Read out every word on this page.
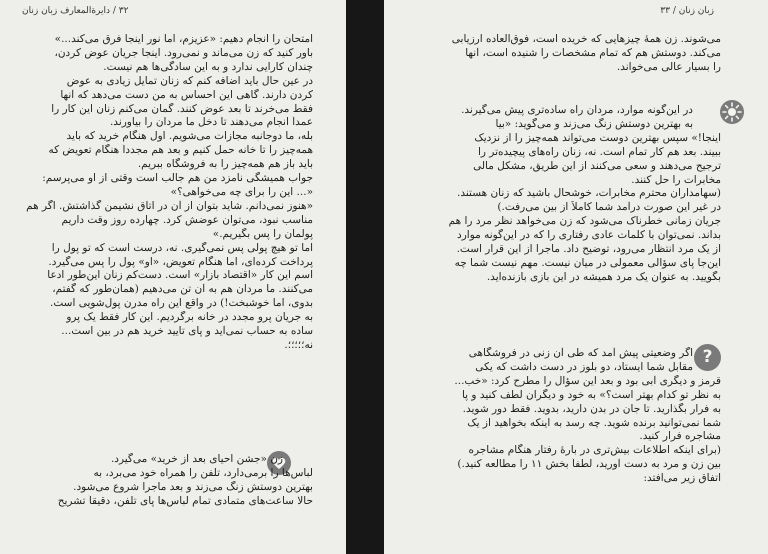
۳۲ / دایرةالمعارف زبان زنان

امتحان را انجام دهیم: «عزیزم، اما نور اینجا فرق می‌کند...»

باور کنید که زن می‌ماند و نمی‌رود. اینجا جریان عوض کردن،

چندان کارایی ندارد و به این سادگی‌ها هم نیست.

در عین حال باید اضافه کنم که زنان تمایل زیادی به عوض

کردن دارند. گاهی این احساس به من دست می‌دهد که آنها

فقط می‌خرند تا بعد عوض کنند. گمان می‌کنم زنان این کار را

عمداً انجام می‌دهند تا دخل ما مردان را بیاورند.

بله، ما دوجانبه مجازات می‌شویم. اول هنگام خرید که باید

همه‌چیز را تا خانه حمل کنیم و بعد هم مجدداً هنگام تعویض که

باید باز هم همه‌چیز را به فروشگاه ببریم.

جواب همیشگی نامزد من هم جالب است وقتی از او می‌پرسم:

«... این را برای چه می‌خواهی؟»

«هنوز نمی‌دانم. شاید بتوان از آن در اتاق نشیمن گذاشتش. اگر هم

مناسب نبود، می‌توان عوضش کرد. چهارده روز وقت داریم

پولمان را پس بگیریم.»

اما تو هیچ پولی پس نمی‌گیری. نه، درست است که تو پول را

پرداخت کرده‌ای، اما هنگام تعویض، «او» پول را پس می‌گیرد.

اسم این کار «اقتصاد بازار» است. دست‌کم زنان این‌طور ادعا

می‌کنند. ما مردان هم به آن تن می‌دهیم (همان‌طور که گفتم،

بدوی، اما خوشبخت!) در واقع این راه مدرن پول‌شویی است.

به جریان پرو مجدد در خانه برگردیم. این کار فقط یک پرو

ساده به حساب نمی‌آید و پای تأیید خرید هم در بین است...

نه؛؛؛؛؛.

زن «جشن احیای بعد از خرید» می‌گیرد.

لباس‌ها را برمی‌دارد، تلفن را همراه خود می‌برد، به

بهترین دوستش زنگ می‌زند و بعد ماجرا شروع می‌شود.

حالا ساعت‌های متمادی تمام لباس‌ها پای تلفن، دقیقاً تشریح

زبان زنان / ۳۳

می‌شوند. زن همهٔ چیزهایی که خریده است، فوق‌العاده ارزیابی

می‌کند. دوستش هم که تمام مشخصات را شنیده است، آنها

را بسیار عالی می‌خواند.

در این‌گونه موارد، مردان راه ساده‌تری پیش می‌گیرند.

به بهترین دوستش زنگ می‌زند و می‌گوید: «بیا

اینجا!» سپس بهترین دوست می‌تواند همه‌چیز را از نزدیک

ببیند. بعد هم کار تمام است. نه، زنان راه‌های پیچیده‌تر را

ترجیح می‌دهند و سعی می‌کنند از این طریق، مشکل مالی

مخابرات را حل کنند.

(سهامداران محترم مخابرات، خوشحال باشید که زنان هستند.

در غیر این صورت درآمد شما کاملاً از بین می‌رفت.)

جریان زمانی خطرناک می‌شود که زن می‌خواهد نظر مرد را هم

بداند. نمی‌توان با کلمات عادی رفتاری را که در این‌گونه موارد

از یک مرد انتظار می‌رود، توضیح داد. ماجرا از این قرار است.

این‌جا پای سؤالی معمولی در میان نیست. مهم نیست شما چه

بگویید. به عنوان یک مرد همیشه در این بازی بازنده‌اید.

?

اگر وضعیتی پیش آمد که طی آن زنی در فروشگاهی

مقابل شما ایستاد، دو بلوز در دست داشت که یکی

قرمز و دیگری آبی بود و بعد این سؤال را مطرح کرد: «خب...

به نظر تو کدام بهتر است؟» به خود و دیگران لطف کنید و پا

به فرار بگذارید. تا جان در بدن دارید، بدوید. فقط دور شوید.

شما نمی‌توانید برنده شوید. چه رسد به اینکه بخواهید از یک

مشاجره فرار کنید.

(برای اینکه اطلاعات بیش‌تری در بارهٔ رفتار هنگام مشاجره

بین زن و مرد به دست آورید، لطفاً بخش ۱۱ را مطالعه کنید.)

اتفاق زیر می‌افتد:
